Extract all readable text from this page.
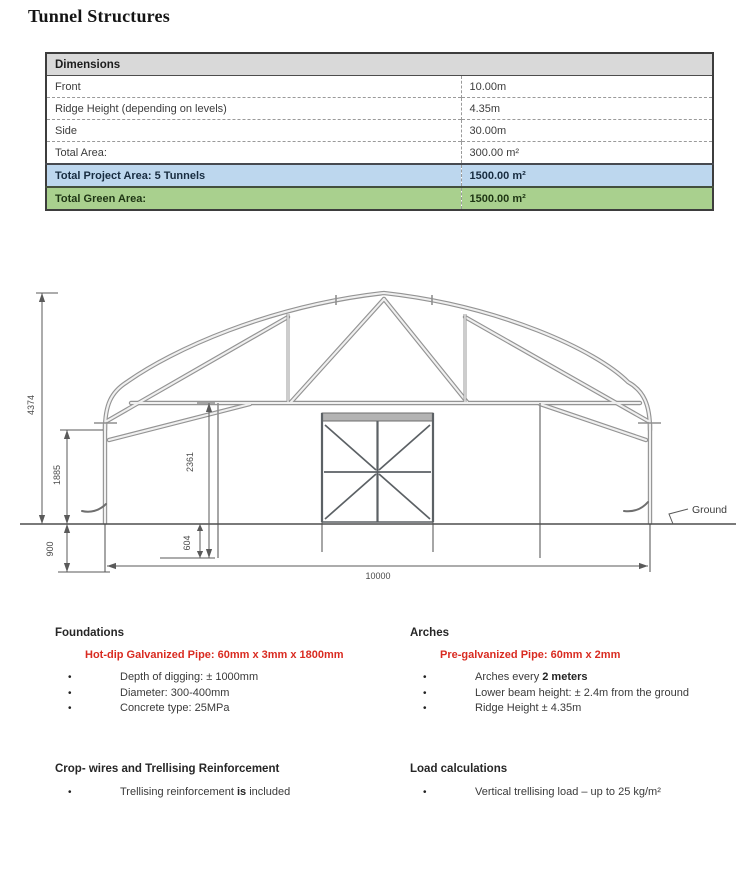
Tunnel Structures
Dimensions	
Front	10.00m
Ridge Height (depending on levels)	4.35m
Side	30.00m
Total Area:	300.00 m²
Total Project Area: 5 Tunnels	1500.00 m²
Total Green Area:	1500.00 m²
4374
1885
2361
604
900
10000
Ground
Foundations
Hot-dip Galvanized Pipe: 60mm x 3mm x 1800mm
•	Depth of digging: ± 1000mm
•	Diameter: 300-400mm
•	Concrete type: 25MPa
Arches
Pre-galvanized Pipe: 60mm x 2mm
•	Arches every 2 meters
•	Lower beam height: ± 2.4m from the ground
•	Ridge Height ± 4.35m
Crop- wires and Trellising Reinforcement
•	Trellising reinforcement is included
Load calculations
•	Vertical trellising load – up to 25 kg/m²
